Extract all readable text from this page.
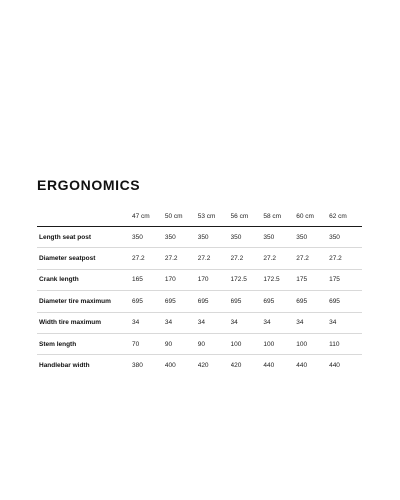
ERGONOMICS
	47 cm	50 cm	53 cm	56 cm	58 cm	60 cm	62 cm
Length seat post	350	350	350	350	350	350	350
Diameter seatpost	27.2	27.2	27.2	27.2	27.2	27.2	27.2
Crank length	165	170	170	172.5	172.5	175	175
Diameter tire maximum	695	695	695	695	695	695	695
Width tire maximum	34	34	34	34	34	34	34
Stem length	70	90	90	100	100	100	110
Handlebar width	380	400	420	420	440	440	440
